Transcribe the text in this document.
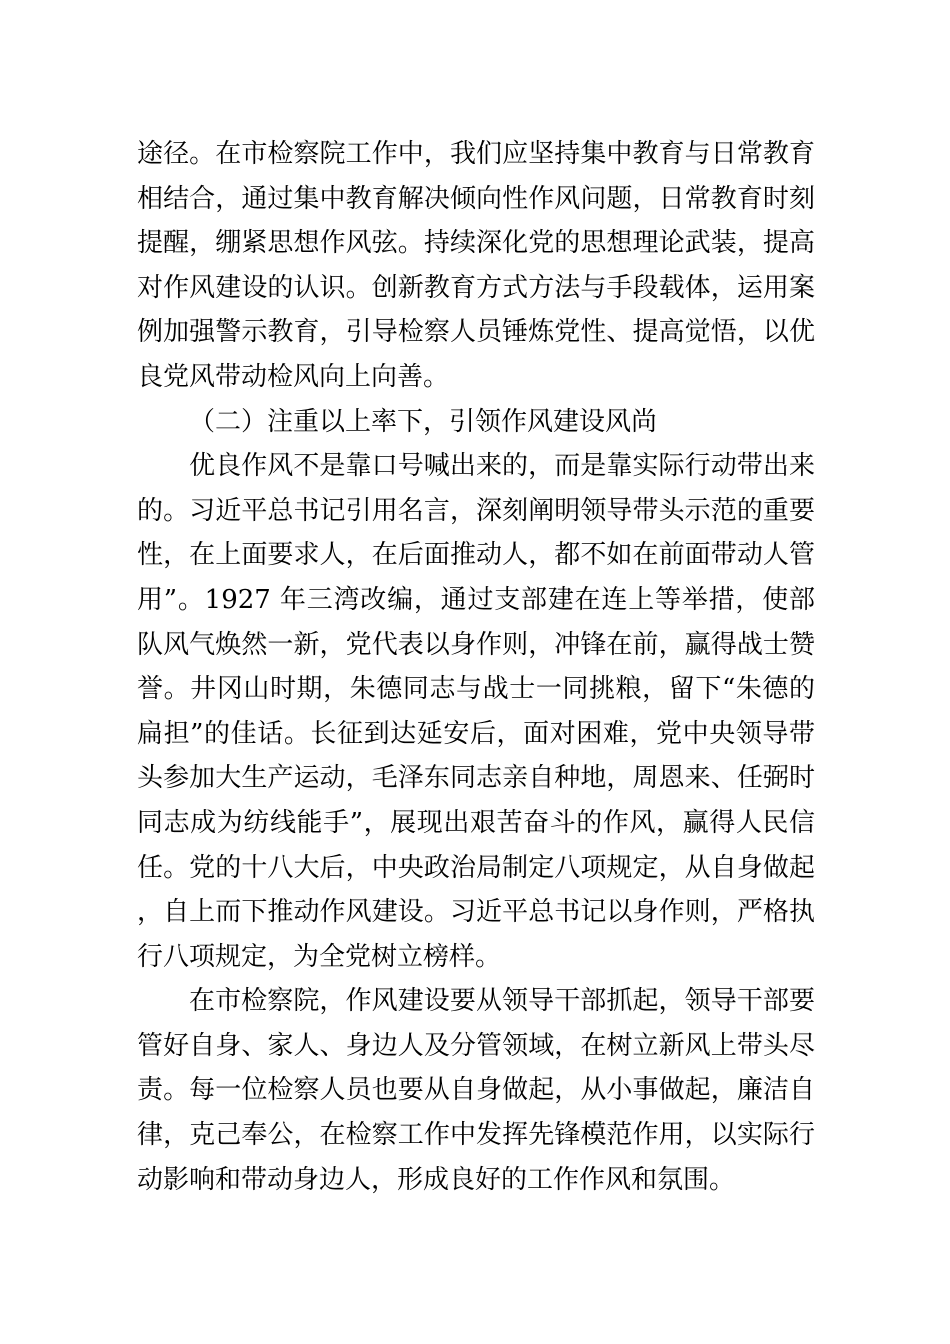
途径。在市检察院工作中，我们应坚持集中教育与日常教育相结合，通过集中教育解决倾向性作风问题，日常教育时刻提醒，绷紧思想作风弦。持续深化党的思想理论武装，提高对作风建设的认识。创新教育方式方法与手段载体，运用案例加强警示教育，引导检察人员锤炼党性、提高觉悟，以优良党风带动检风向上向善。

（二）注重以上率下，引领作风建设风尚

优良作风不是靠口号喊出来的，而是靠实际行动带出来的。习近平总书记引用名言，深刻阐明领导带头示范的重要性，在上面要求人，在后面推动人，都不如在前面带动人管用”。1927 年三湾改编，通过支部建在连上等举措，使部队风气焕然一新，党代表以身作则，冲锋在前，赢得战士赞誉。井冈山时期，朱德同志与战士一同挑粮，留下“朱德的扁担”的佳话。长征到达延安后，面对困难，党中央领导带头参加大生产运动，毛泽东同志亲自种地，周恩来、任弼时同志成为纺线能手”，展现出艰苦奋斗的作风，赢得人民信任。党的十八大后，中央政治局制定八项规定，从自身做起，自上而下推动作风建设。习近平总书记以身作则，严格执行八项规定，为全党树立榜样。

在市检察院，作风建设要从领导干部抓起，领导干部要管好自身、家人、身边人及分管领域，在树立新风上带头尽责。每一位检察人员也要从自身做起，从小事做起，廉洁自律，克己奉公，在检察工作中发挥先锋模范作用，以实际行动影响和带动身边人，形成良好的工作作风和氛围。
